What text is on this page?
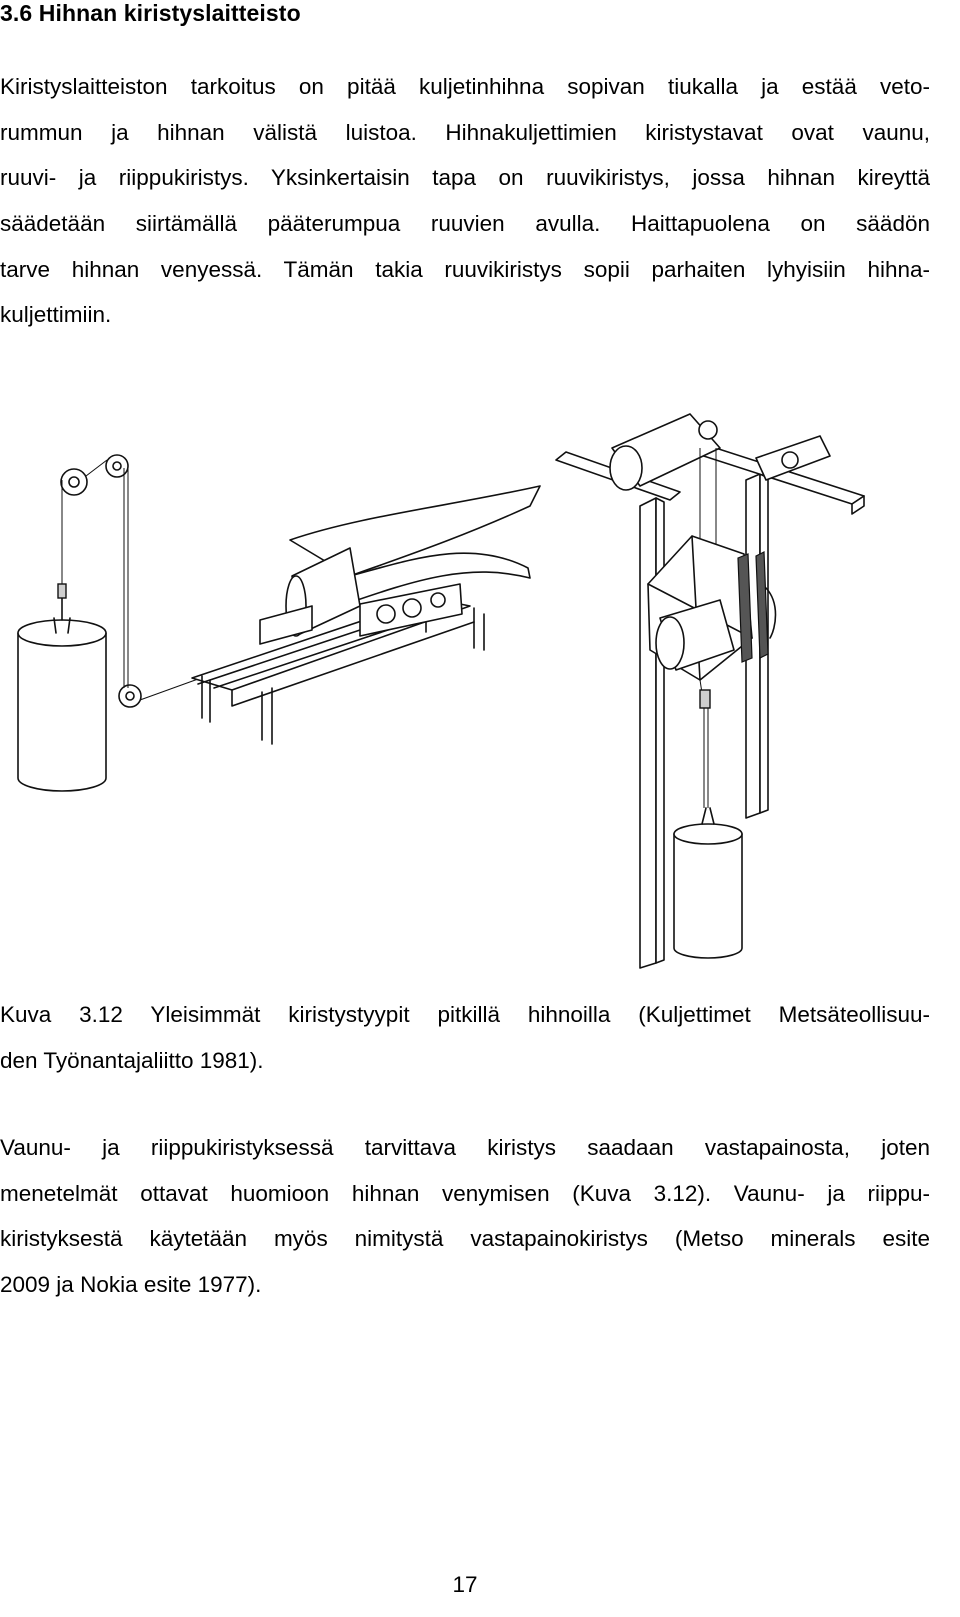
3.6 Hihnan kiristyslaitteisto

Kiristyslaitteiston tarkoitus on pitää kuljetinhihna sopivan tiukalla ja estää veto-
rummun ja hihnan välistä luistoa. Hihnakuljettimien kiristystavat ovat vaunu,
ruuvi- ja riippukiristys. Yksinkertaisin tapa on ruuvikiristys, jossa hihnan kireyttä
säädetään siirtämällä pääterumpua ruuvien avulla. Haittapuolena on säädön
tarve hihnan venyessä. Tämän takia ruuvikiristys sopii parhaiten lyhyisiin hihna-
kuljettimiin.

Kuva 3.12 Yleisimmät kiristystyypit pitkillä hihnoilla (Kuljettimet Metsäteollisuu-
den Työnantajaliitto 1981).

Vaunu- ja riippukiristyksessä tarvittava kiristys saadaan vastapainosta, joten
menetelmät ottavat huomioon hihnan venymisen (Kuva 3.12). Vaunu- ja riippu-
kiristyksestä käytetään myös nimitystä vastapainokiristys (Metso minerals esite
2009 ja Nokia esite 1977).

17
